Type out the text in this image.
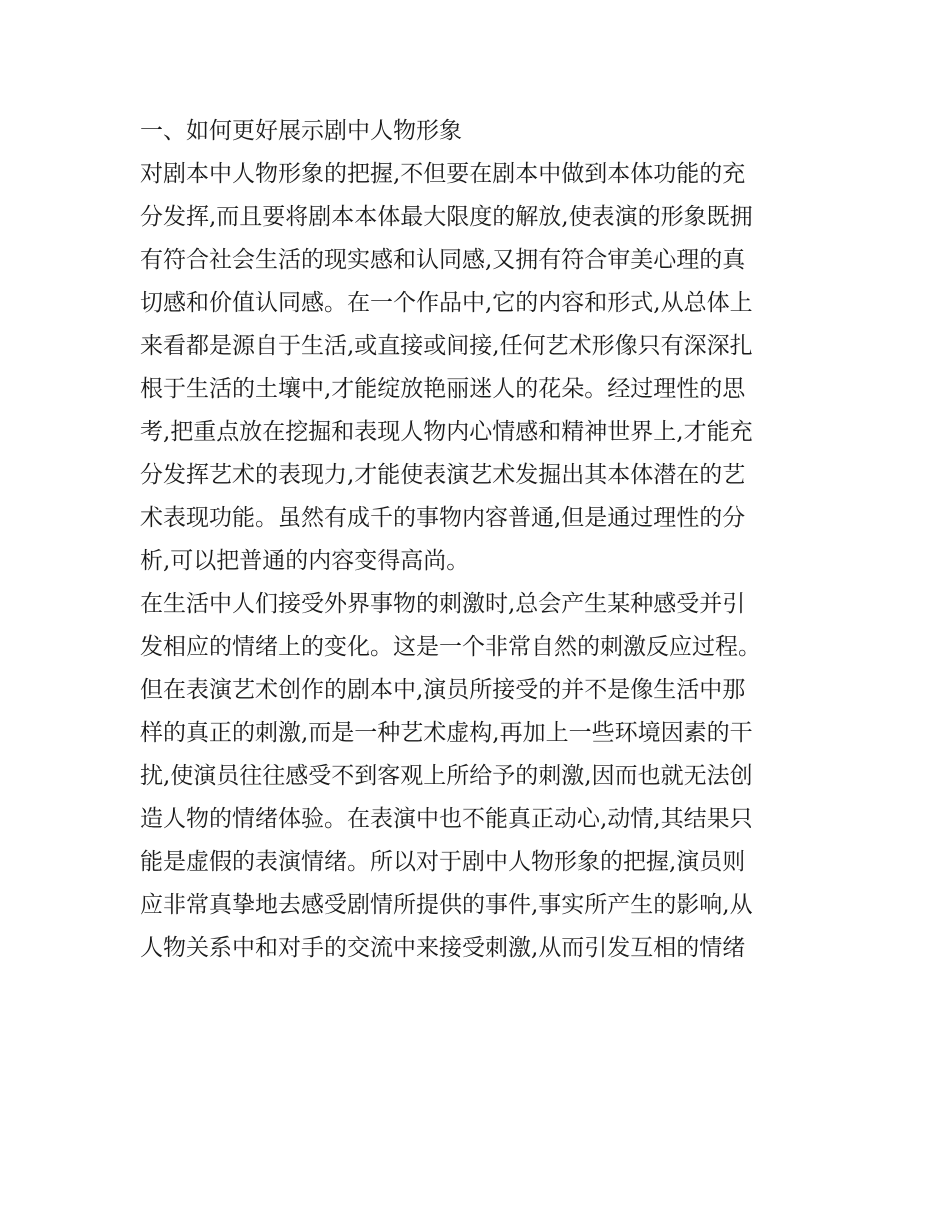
一、如何更好展示剧中人物形象
对剧本中人物形象的把握,不但要在剧本中做到本体功能的充
分发挥,而且要将剧本本体最大限度的解放,使表演的形象既拥
有符合社会生活的现实感和认同感,又拥有符合审美心理的真
切感和价值认同感。在一个作品中,它的内容和形式,从总体上
来看都是源自于生活,或直接或间接,任何艺术形像只有深深扎
根于生活的土壤中,才能绽放艳丽迷人的花朵。经过理性的思
考,把重点放在挖掘和表现人物内心情感和精神世界上,才能充
分发挥艺术的表现力,才能使表演艺术发掘出其本体潜在的艺
术表现功能。虽然有成千的事物内容普通,但是通过理性的分
析,可以把普通的内容变得高尚。
在生活中人们接受外界事物的刺激时,总会产生某种感受并引
发相应的情绪上的变化。这是一个非常自然的刺激反应过程。
但在表演艺术创作的剧本中,演员所接受的并不是像生活中那
样的真正的刺激,而是一种艺术虚构,再加上一些环境因素的干
扰,使演员往往感受不到客观上所给予的刺激,因而也就无法创
造人物的情绪体验。在表演中也不能真正动心,动情,其结果只
能是虚假的表演情绪。所以对于剧中人物形象的把握,演员则
应非常真挚地去感受剧情所提供的事件,事实所产生的影响,从
人物关系中和对手的交流中来接受刺激,从而引发互相的情绪
